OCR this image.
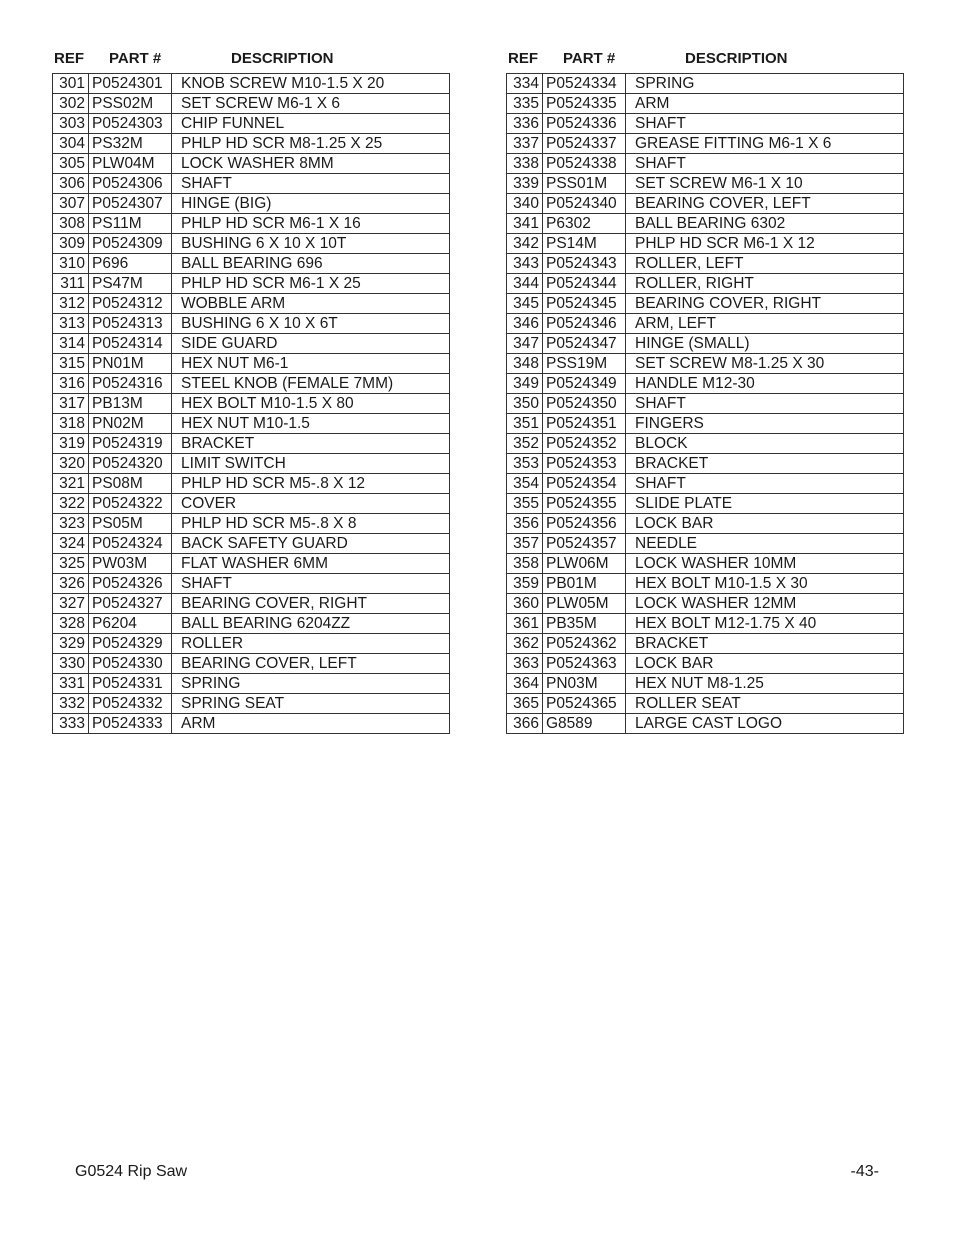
REF PART #	DESCRIPTION
301	P0524301	KNOB SCREW M10-1.5 X 20
302	PSS02M	SET SCREW M6-1 X 6
303	P0524303	CHIP FUNNEL
304	PS32M	PHLP HD SCR M8-1.25 X 25
305	PLW04M	LOCK WASHER 8MM
306	P0524306	SHAFT
307	P0524307	HINGE (BIG)
308	PS11M	PHLP HD SCR M6-1 X 16
309	P0524309	BUSHING 6 X 10 X 10T
310	P696	BALL BEARING 696
311	PS47M	PHLP HD SCR M6-1 X 25
312	P0524312	WOBBLE ARM
313	P0524313	BUSHING 6 X 10 X 6T
314	P0524314	SIDE GUARD
315	PN01M	HEX NUT M6-1
316	P0524316	STEEL KNOB (FEMALE 7MM)
317	PB13M	HEX BOLT M10-1.5 X 80
318	PN02M	HEX NUT M10-1.5
319	P0524319	BRACKET
320	P0524320	LIMIT SWITCH
321	PS08M	PHLP HD SCR M5-.8 X 12
322	P0524322	COVER
323	PS05M	PHLP HD SCR M5-.8 X 8
324	P0524324	BACK SAFETY GUARD
325	PW03M	FLAT WASHER 6MM
326	P0524326	SHAFT
327	P0524327	BEARING COVER, RIGHT
328	P6204	BALL BEARING 6204ZZ
329	P0524329	ROLLER
330	P0524330	BEARING COVER, LEFT
331	P0524331	SPRING
332	P0524332	SPRING SEAT
333	P0524333	ARM
REF PART #	DESCRIPTION
334	P0524334	SPRING
335	P0524335	ARM
336	P0524336	SHAFT
337	P0524337	GREASE FITTING M6-1 X 6
338	P0524338	SHAFT
339	PSS01M	SET SCREW M6-1 X 10
340	P0524340	BEARING COVER, LEFT
341	P6302	BALL BEARING 6302
342	PS14M	PHLP HD SCR M6-1 X 12
343	P0524343	ROLLER, LEFT
344	P0524344	ROLLER, RIGHT
345	P0524345	BEARING COVER, RIGHT
346	P0524346	ARM, LEFT
347	P0524347	HINGE (SMALL)
348	PSS19M	SET SCREW M8-1.25 X 30
349	P0524349	HANDLE M12-30
350	P0524350	SHAFT
351	P0524351	FINGERS
352	P0524352	BLOCK
353	P0524353	BRACKET
354	P0524354	SHAFT
355	P0524355	SLIDE PLATE
356	P0524356	LOCK BAR
357	P0524357	NEEDLE
358	PLW06M	LOCK WASHER 10MM
359	PB01M	HEX BOLT M10-1.5 X 30
360	PLW05M	LOCK WASHER 12MM
361	PB35M	HEX BOLT M12-1.75 X 40
362	P0524362	BRACKET
363	P0524363	LOCK BAR
364	PN03M	HEX NUT M8-1.25
365	P0524365	ROLLER SEAT
366	G8589	LARGE CAST LOGO
G0524 Rip Saw	-43-
